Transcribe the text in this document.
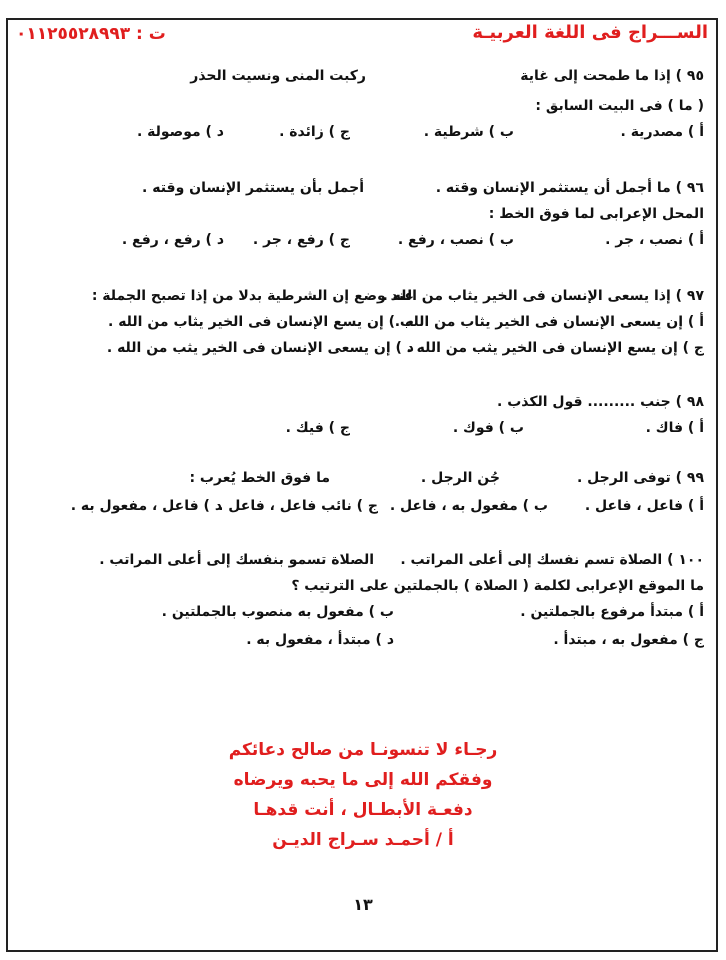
الســـراج فى اللغة العربيـة
ت : ٠١١٢٥٥٢٨٩٩٣
٩٥ ) إذا ما طمحت إلى غاية
ركبت المنى ونسيت الحذر
( ما ) فى البيت السابق :
أ ) مصدرية .
ب ) شرطية .
ج ) زائدة .
د ) موصولة .
٩٦ ) ما أجمل أن يستثمر الإنسان وقته .
أجمل بأن يستثمر الإنسان وقته .
المحل الإعرابى لما فوق الخط :
أ ) نصب ، جر .
ب ) نصب ، رفع .
ج ) رفع ، جر .
د ) رفع ، رفع .
٩٧ ) إذا يسعى الإنسان فى الخير يثاب من الله .
عند وضع إن الشرطية بدلا من إذا تصبح الجملة :
أ ) إن يسعى الإنسان فى الخير يثاب من الله .
ب ) إن يسع الإنسان فى الخير يثاب من الله .
ج ) إن يسع الإنسان فى الخير يثب من الله .
د ) إن يسعى الإنسان فى الخير يثب من الله .
٩٨ ) جنب ......... قول الكذب .
أ ) فاك .
ب ) فوك .
ج ) فيك .
٩٩ ) توفى الرجل .
جُن الرجل .
ما فوق الخط يُعرب :
أ ) فاعل ، فاعل .
ب ) مفعول به ، فاعل .
ج ) نائب فاعل ، فاعل .
د ) فاعل ، مفعول به .
١٠٠ ) الصلاة تسم نفسك إلى أعلى المراتب .
الصلاة تسمو بنفسك إلى أعلى المراتب .
ما الموقع الإعرابى لكلمة ( الصلاة ) بالجملتين على الترتيب ؟
أ ) مبتدأ مرفوع بالجملتين .
ب ) مفعول به منصوب بالجملتين .
ج ) مفعول به ، مبتدأ .
د ) مبتدأ ، مفعول به .
رجـاء لا تنسونـا من صالح دعائكم
وفقكم الله إلى ما يحبه ويرضاه
دفعـة الأبطـال ، أنت قدهـا
أ / أحمـد سـراج الديـن
١٣
